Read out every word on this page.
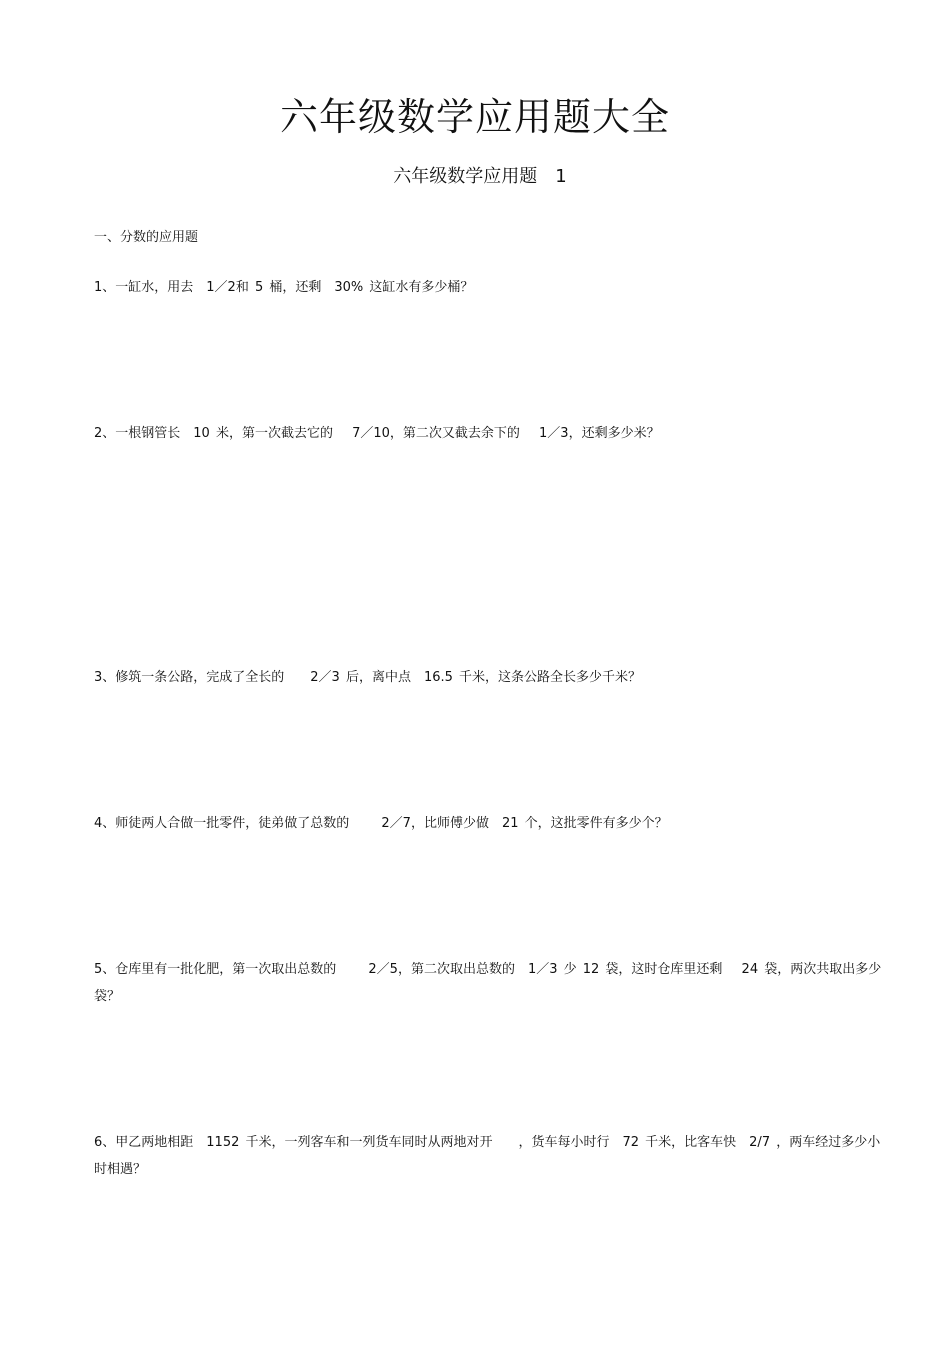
六年级数学应用题大全
六年级数学应用题　1
一、分数的应用题
1、一缸水，用去　1／2和 5 桶，还剩　30% 这缸水有多少桶？
2、一根钢管长　10 米，第一次截去它的　 7／10，第二次又截去余下的　 1／3，还剩多少米？
3、修筑一条公路，完成了全长的　　2／3 后，离中点　16.5 千米，这条公路全长多少千米？
4、师徒两人合做一批零件，徒弟做了总数的　　 2／7，比师傅少做　21 个，这批零件有多少个？
5、仓库里有一批化肥，第一次取出总数的　　 2／5，第二次取出总数的　1／3 少 12 袋，这时仓库里还剩　 24 袋，两次共取出多少袋？
6、甲乙两地相距　1152 千米，一列客车和一列货车同时从两地对开　　，货车每小时行　72 千米，比客车快　2/7 ，两车经过多少小时相遇？
